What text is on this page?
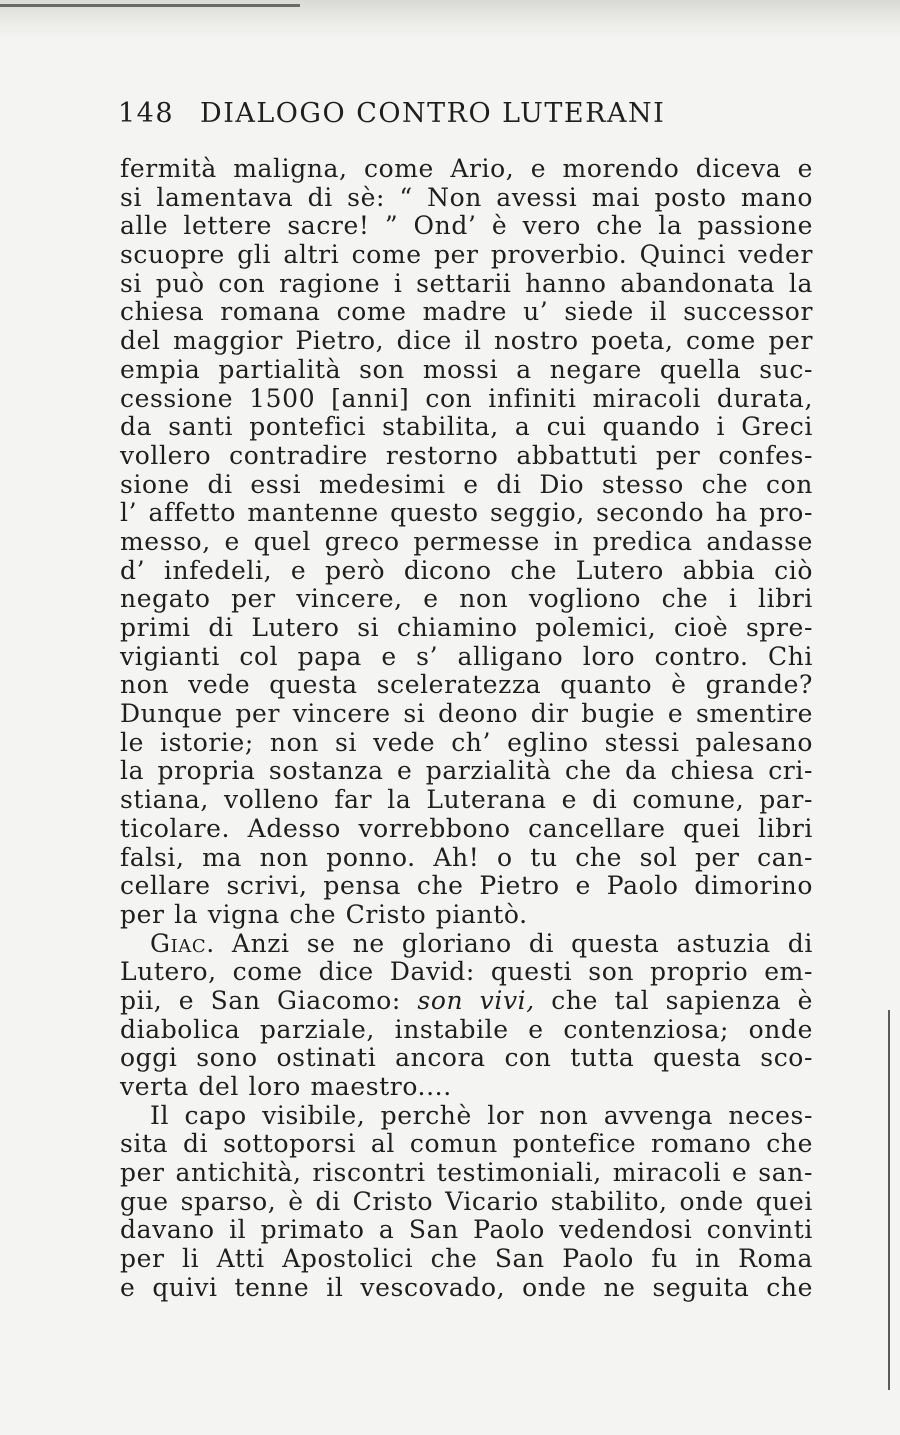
148 DIALOGO CONTRO LUTERANI
fermità maligna, come Ario, e morendo diceva e
si lamentava di sè: “ Non avessi mai posto mano
alle lettere sacre! ” Ond’ è vero che la passione
scuopre gli altri come per proverbio. Quinci veder
si può con ragione i settarii hanno abandonata la
chiesa romana come madre u’ siede il successor
del maggior Pietro, dice il nostro poeta, come per
empia partialità son mossi a negare quella suc-
cessione 1500 [anni] con infiniti miracoli durata,
da santi pontefici stabilita, a cui quando i Greci
vollero contradire restorno abbattuti per confes-
sione di essi medesimi e di Dio stesso che con
l’ affetto mantenne questo seggio, secondo ha pro-
messo, e quel greco permesse in predica andasse
d’ infedeli, e però dicono che Lutero abbia ciò
negato per vincere, e non vogliono che i libri
primi di Lutero si chiamino polemici, cioè spre-
vigianti col papa e s’ alligano loro contro. Chi
non vede questa sceleratezza quanto è grande?
Dunque per vincere si deono dir bugie e smentire
le istorie; non si vede ch’ eglino stessi palesano
la propria sostanza e parzialità che da chiesa cri-
stiana, volleno far la Luterana e di comune, par-
ticolare. Adesso vorrebbono cancellare quei libri
falsi, ma non ponno. Ah! o tu che sol per can-
cellare scrivi, pensa che Pietro e Paolo dimorino
per la vigna che Cristo piantò.
Giac. Anzi se ne gloriano di questa astuzia di
Lutero, come dice David: questi son proprio em-
pii, e San Giacomo: son vivi, che tal sapienza è
diabolica parziale, instabile e contenziosa; onde
oggi sono ostinati ancora con tutta questa sco-
verta del loro maestro....
Il capo visibile, perchè lor non avvenga neces-
sita di sottoporsi al comun pontefice romano che
per antichità, riscontri testimoniali, miracoli e san-
gue sparso, è di Cristo Vicario stabilito, onde quei
davano il primato a San Paolo vedendosi convinti
per li Atti Apostolici che San Paolo fu in Roma
e quivi tenne il vescovado, onde ne seguita che
